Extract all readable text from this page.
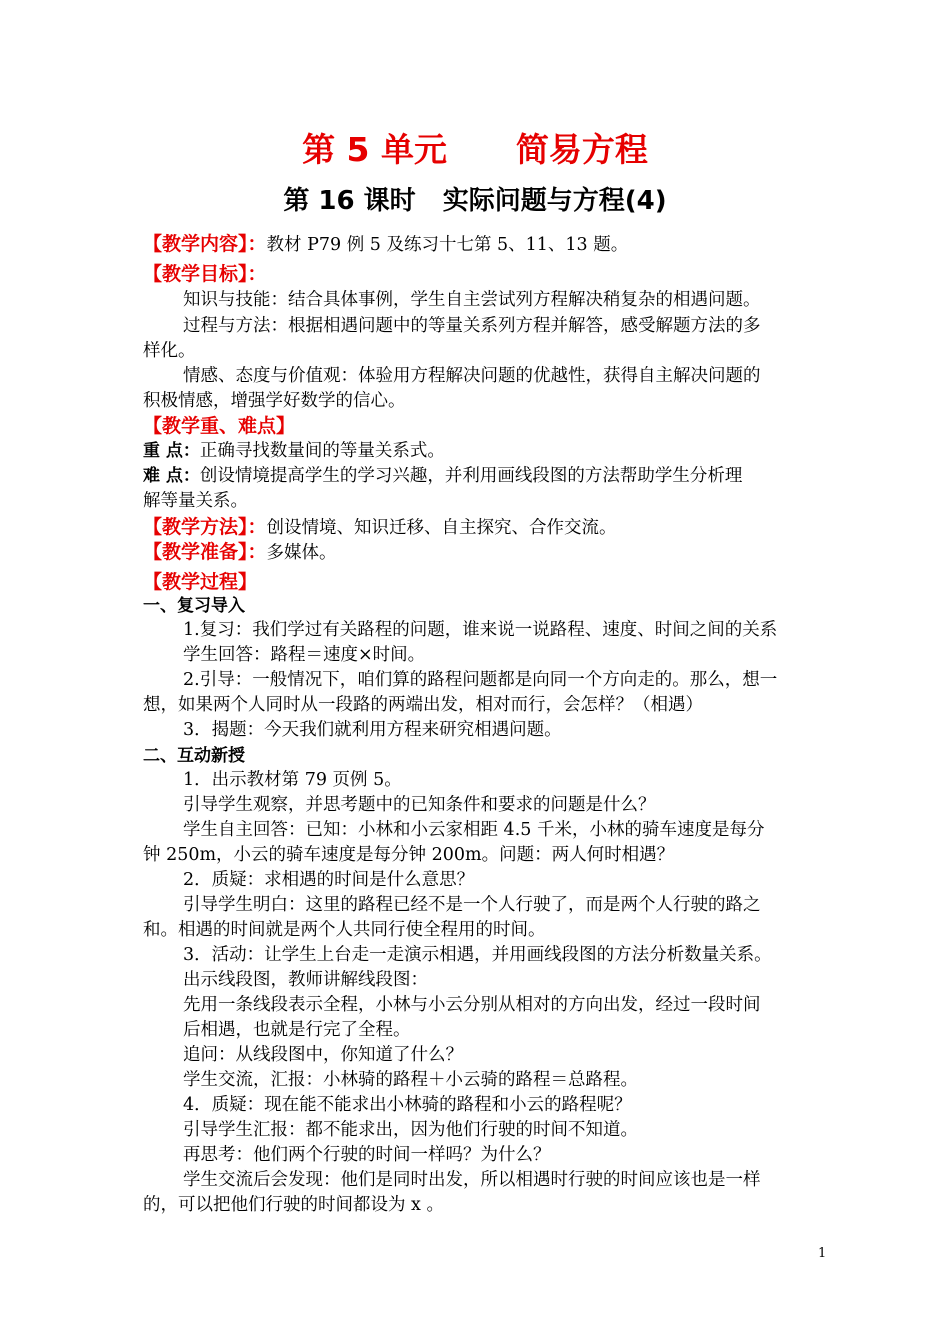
第 5 单元      简易方程
第 16 课时   实际问题与方程(4)
【教学内容】：教材 P79 例 5 及练习十七第 5、11、13 题。
【教学目标】：
知识与技能：结合具体事例，学生自主尝试列方程解决稍复杂的相遇问题。
过程与方法：根据相遇问题中的等量关系列方程并解答，感受解题方法的多
样化。
情感、态度与价值观：体验用方程解决问题的优越性，获得自主解决问题的
积极情感，增强学好数学的信心。
【教学重、难点】
重 点：正确寻找数量间的等量关系式。
难 点：创设情境提高学生的学习兴趣，并利用画线段图的方法帮助学生分析理
解等量关系。
【教学方法】：创设情境、知识迁移、自主探究、合作交流。
【教学准备】：多媒体。
【教学过程】
一、复习导入
1.复习：我们学过有关路程的问题，谁来说一说路程、速度、时间之间的关系
学生回答：路程＝速度×时间。
2.引导：一般情况下，咱们算的路程问题都是向同一个方向走的。那么，想一
想，如果两个人同时从一段路的两端出发，相对而行，会怎样？（相遇）
3．揭题：今天我们就利用方程来研究相遇问题。
二、互动新授
1．出示教材第 79 页例 5。
引导学生观察，并思考题中的已知条件和要求的问题是什么？
学生自主回答：已知：小林和小云家相距 4.5 千米，小林的骑车速度是每分
钟 250m，小云的骑车速度是每分钟 200m。问题：两人何时相遇？
2．质疑：求相遇的时间是什么意思？
引导学生明白：这里的路程已经不是一个人行驶了，而是两个人行驶的路之
和。相遇的时间就是两个人共同行使全程用的时间。
3．活动：让学生上台走一走演示相遇，并用画线段图的方法分析数量关系。
出示线段图，教师讲解线段图：
先用一条线段表示全程，小林与小云分别从相对的方向出发，经过一段时间
后相遇，也就是行完了全程。
追问：从线段图中，你知道了什么？
学生交流，汇报：小林骑的路程＋小云骑的路程＝总路程。
4．质疑：现在能不能求出小林骑的路程和小云的路程呢？
引导学生汇报：都不能求出，因为他们行驶的时间不知道。
再思考：他们两个行驶的时间一样吗？为什么？
学生交流后会发现：他们是同时出发，所以相遇时行驶的时间应该也是一样
的，可以把他们行驶的时间都设为 x 。
1
